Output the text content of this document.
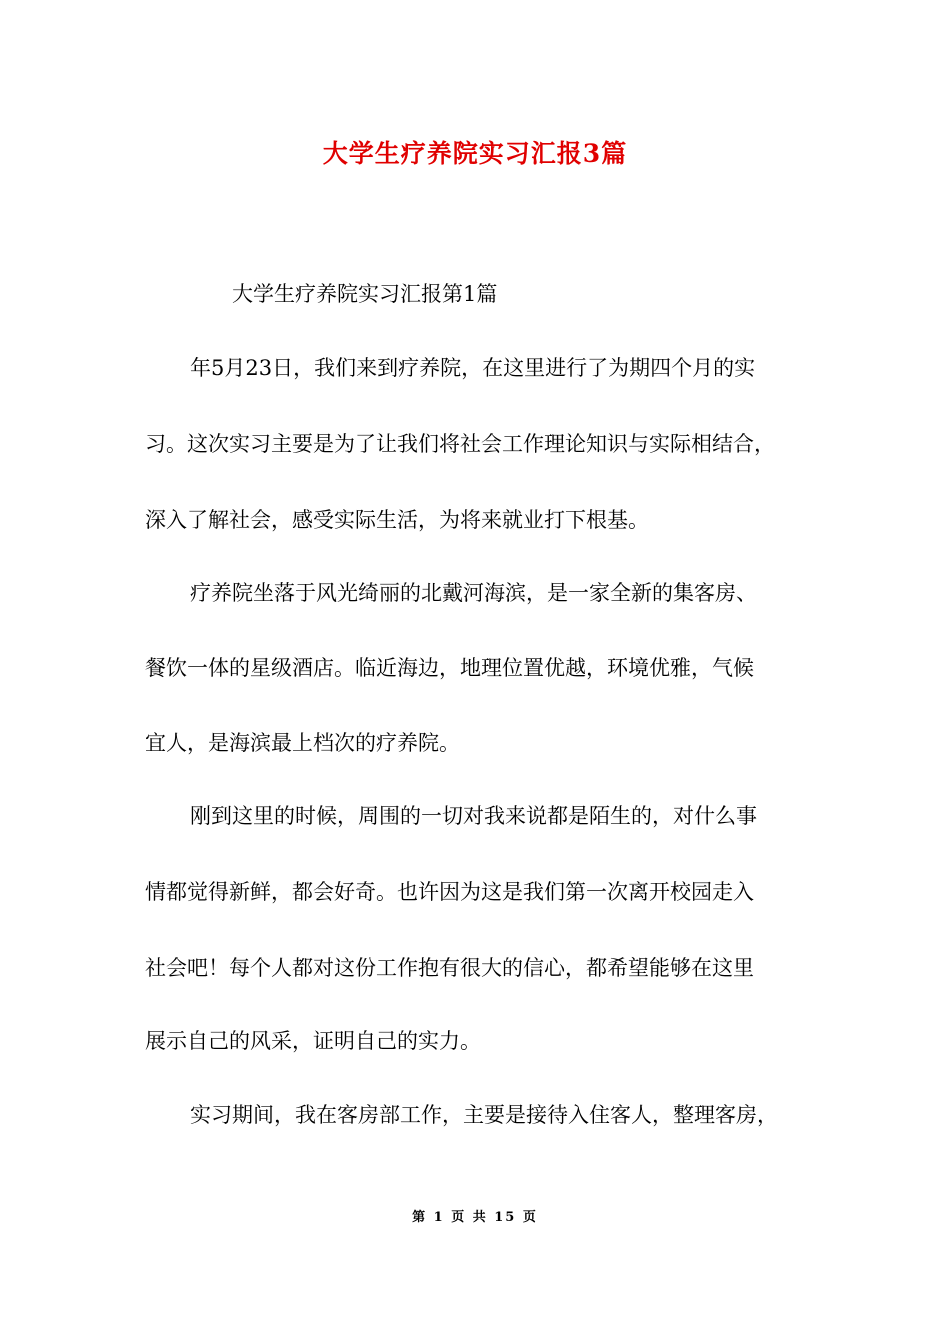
大学生疗养院实习汇报3篇
大学生疗养院实习汇报第1篇
年5月23日，我们来到疗养院，在这里进行了为期四个月的实
习。这次实习主要是为了让我们将社会工作理论知识与实际相结合，
深入了解社会，感受实际生活，为将来就业打下根基。
疗养院坐落于风光绮丽的北戴河海滨，是一家全新的集客房、
餐饮一体的星级酒店。临近海边，地理位置优越，环境优雅，气候
宜人，是海滨最上档次的疗养院。
刚到这里的时候，周围的一切对我来说都是陌生的，对什么事
情都觉得新鲜，都会好奇。也许因为这是我们第一次离开校园走入
社会吧！每个人都对这份工作抱有很大的信心，都希望能够在这里
展示自己的风采，证明自己的实力。
实习期间，我在客房部工作，主要是接待入住客人，整理客房，
第 1 页 共 15 页
